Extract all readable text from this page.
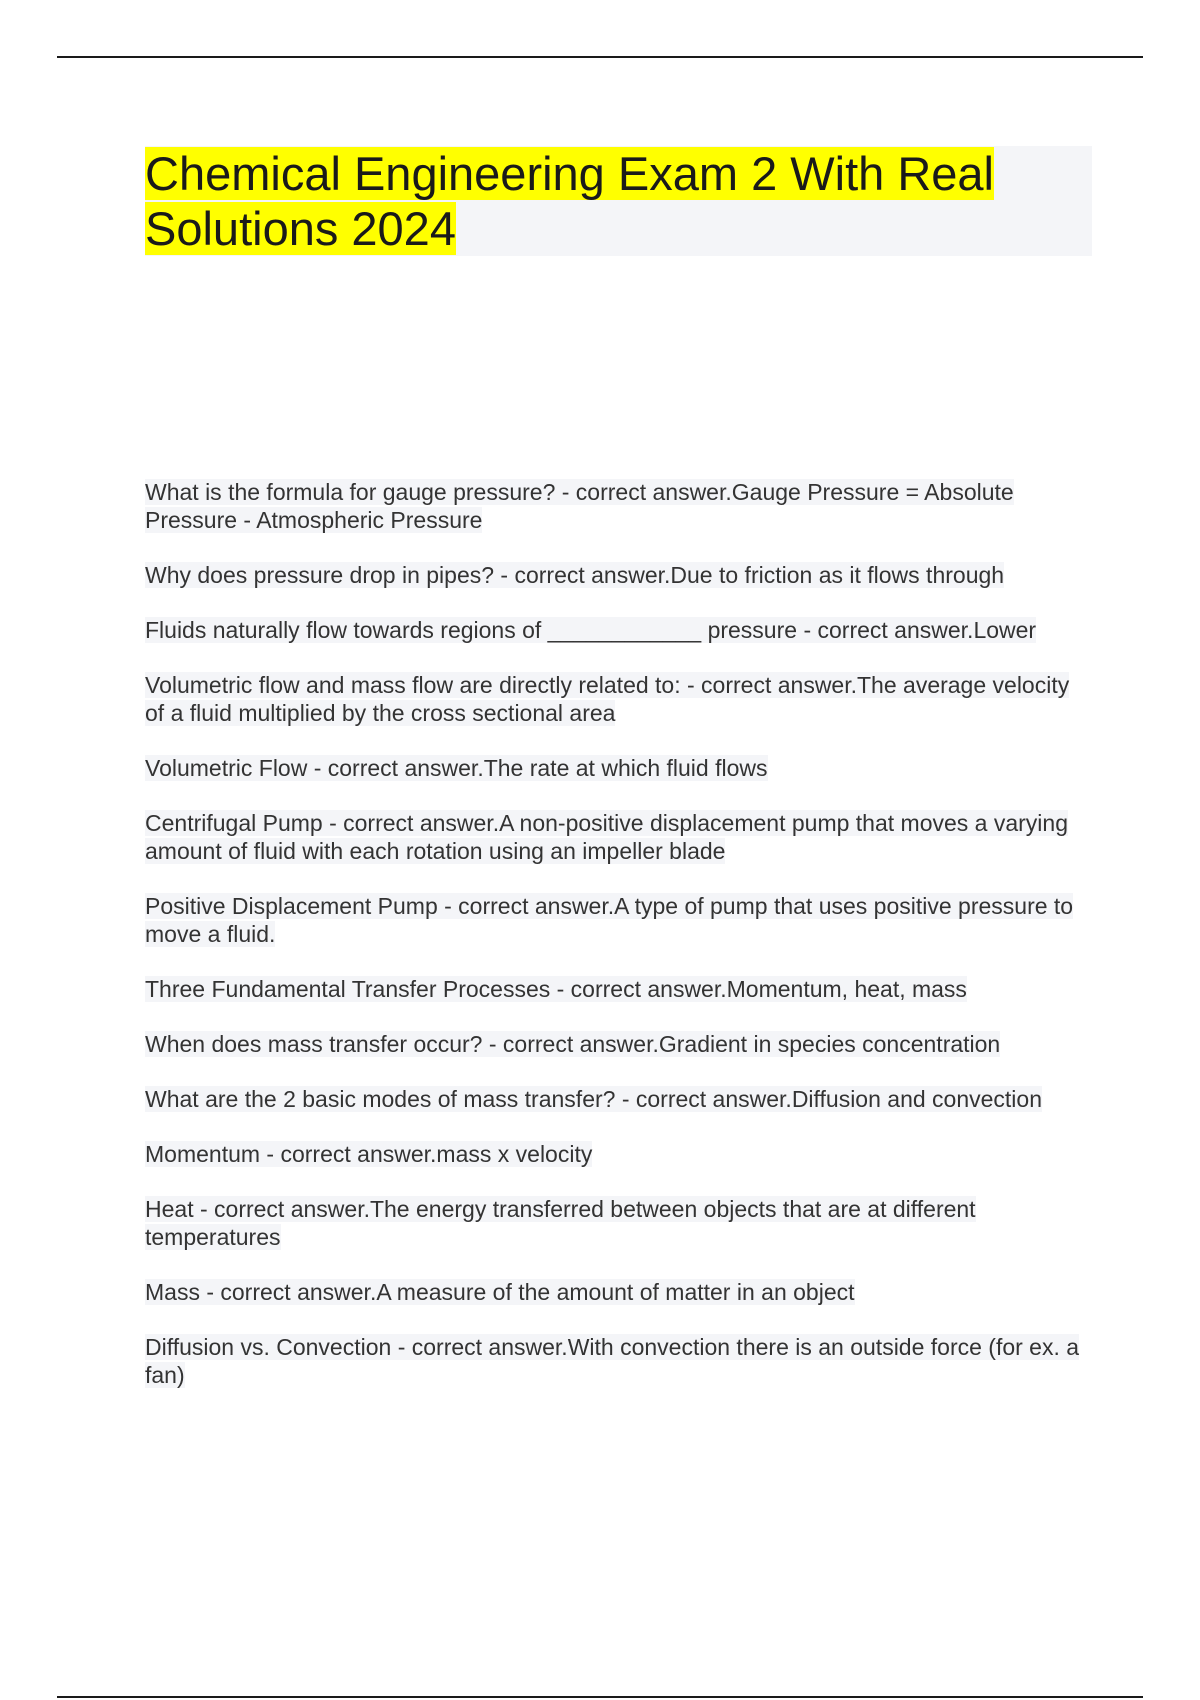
Chemical Engineering Exam 2 With Real Solutions 2024

What is the formula for gauge pressure? - correct answer.Gauge Pressure = Absolute Pressure - Atmospheric Pressure

Why does pressure drop in pipes? - correct answer.Due to friction as it flows through

Fluids naturally flow towards regions of ____________ pressure - correct answer.Lower

Volumetric flow and mass flow are directly related to: - correct answer.The average velocity of a fluid multiplied by the cross sectional area

Volumetric Flow - correct answer.The rate at which fluid flows

Centrifugal Pump - correct answer.A non-positive displacement pump that moves a varying amount of fluid with each rotation using an impeller blade

Positive Displacement Pump - correct answer.A type of pump that uses positive pressure to move a fluid.

Three Fundamental Transfer Processes - correct answer.Momentum, heat, mass

When does mass transfer occur? - correct answer.Gradient in species concentration

What are the 2 basic modes of mass transfer? - correct answer.Diffusion and convection

Momentum - correct answer.mass x velocity

Heat - correct answer.The energy transferred between objects that are at different temperatures

Mass - correct answer.A measure of the amount of matter in an object

Diffusion vs. Convection - correct answer.With convection there is an outside force (for ex. a fan)
